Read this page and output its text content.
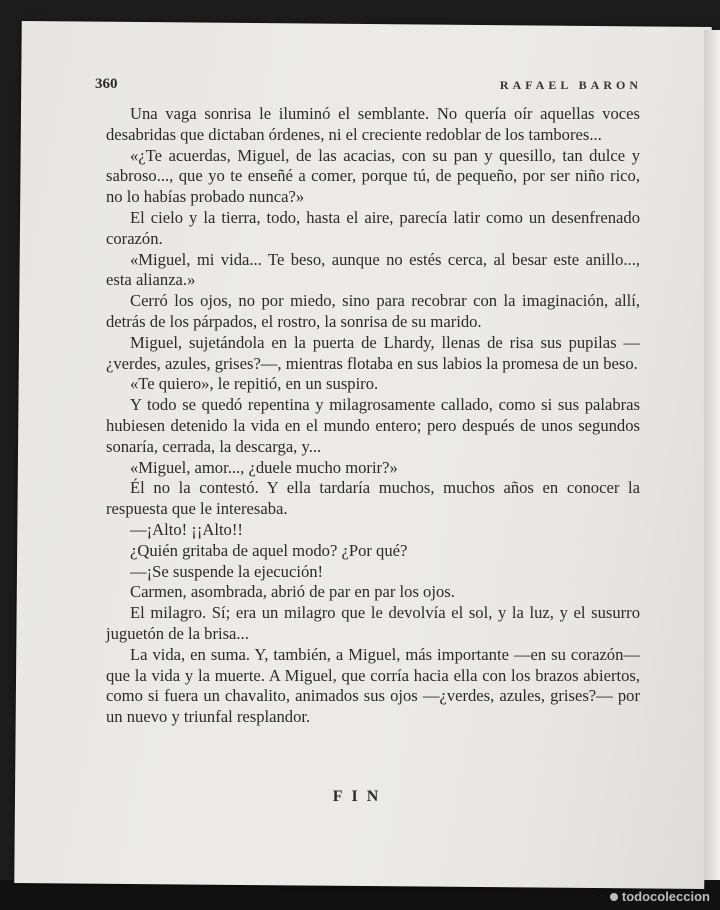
360	RAFAEL BARON

Una vaga sonrisa le iluminó el semblante. No quería oír aquellas voces desabridas que dictaban órdenes, ni el creciente redoblar de los tambores...

«¿Te acuerdas, Miguel, de las acacias, con su pan y quesillo, tan dulce y sabroso..., que yo te enseñé a comer, porque tú, de pequeño, por ser niño rico, no lo habías probado nunca?»

El cielo y la tierra, todo, hasta el aire, parecía latir como un desenfrenado corazón.

«Miguel, mi vida... Te beso, aunque no estés cerca, al besar este anillo..., esta alianza.»

Cerró los ojos, no por miedo, sino para recobrar con la imaginación, allí, detrás de los párpados, el rostro, la sonrisa de su marido.

Miguel, sujetándola en la puerta de Lhardy, llenas de risa sus pupilas —¿verdes, azules, grises?—, mientras flotaba en sus labios la promesa de un beso.

«Te quiero», le repitió, en un suspiro.

Y todo se quedó repentina y milagrosamente callado, como si sus palabras hubiesen detenido la vida en el mundo entero; pero después de unos segundos sonaría, cerrada, la descarga, y...

«Miguel, amor..., ¿duele mucho morir?»

Él no la contestó. Y ella tardaría muchos, muchos años en conocer la respuesta que le interesaba.

—¡Alto! ¡¡Alto!!

¿Quién gritaba de aquel modo? ¿Por qué?

—¡Se suspende la ejecución!

Carmen, asombrada, abrió de par en par los ojos.

El milagro. Sí; era un milagro que le devolvía el sol, y la luz, y el susurro juguetón de la brisa...

La vida, en suma. Y, también, a Miguel, más importante —en su corazón— que la vida y la muerte. A Miguel, que corría hacia ella con los brazos abiertos, como si fuera un chavalito, animados sus ojos —¿verdes, azules, grises?— por un nuevo y triunfal resplandor.

FIN
todocoleccion
